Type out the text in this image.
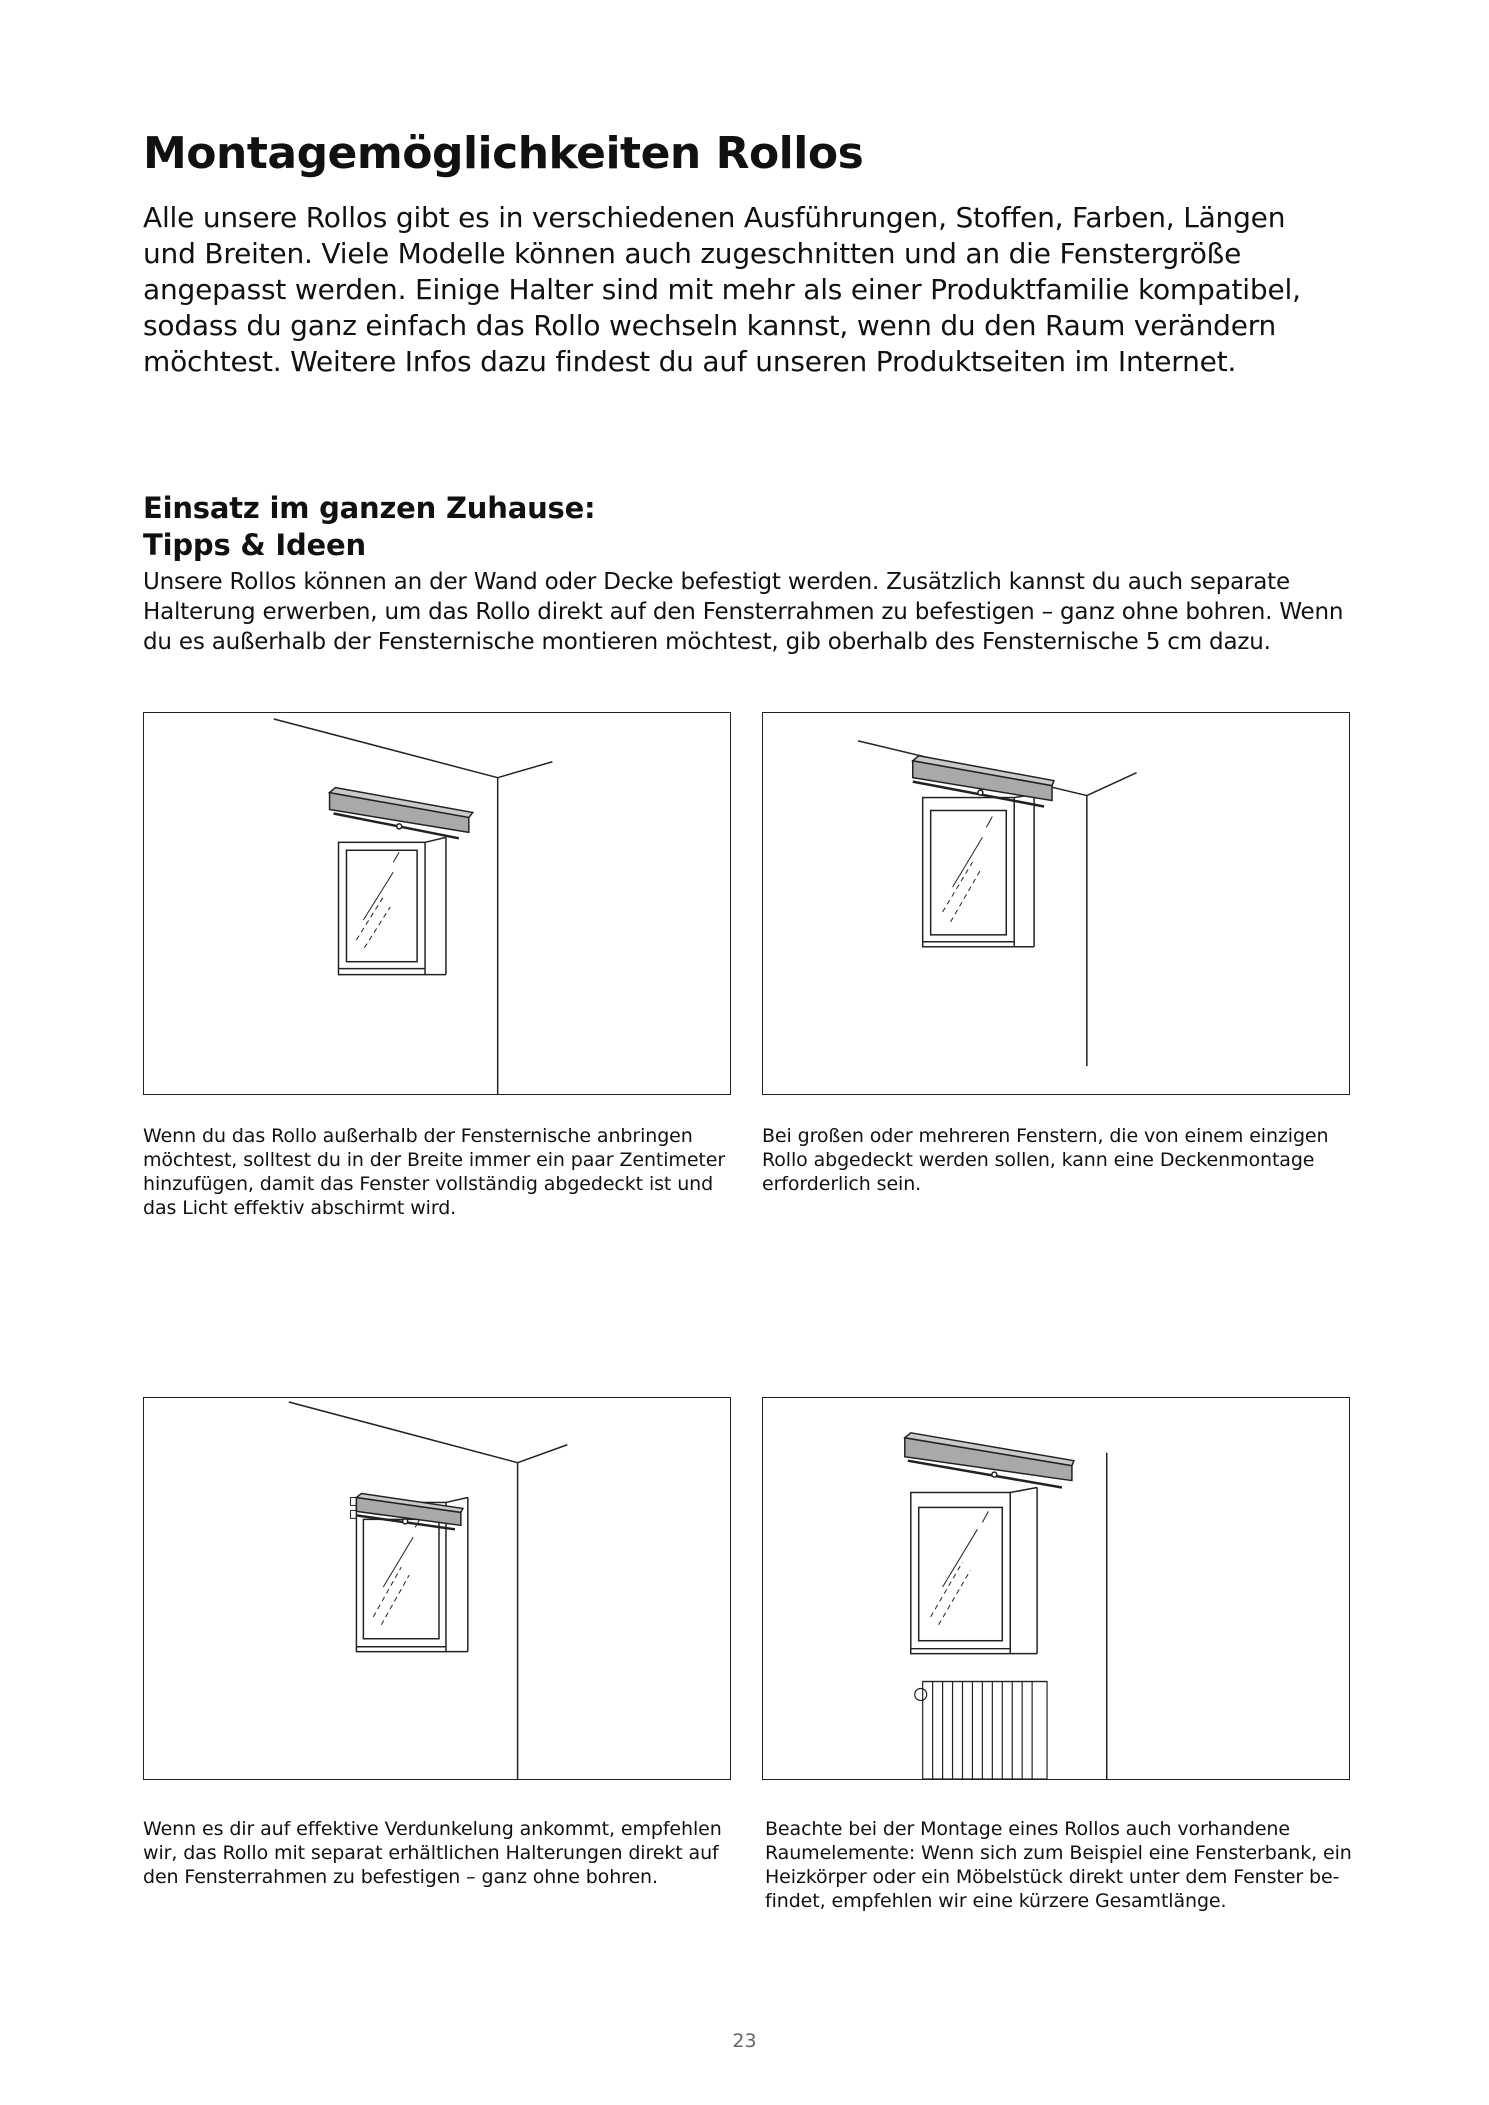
Montagemöglichkeiten Rollos

Alle unsere Rollos gibt es in verschiedenen Ausführungen, Stoffen, Farben, Längen
und Breiten. Viele Modelle können auch zugeschnitten und an die Fenstergröße
angepasst werden. Einige Halter sind mit mehr als einer Produktfamilie kompatibel,
sodass du ganz einfach das Rollo wechseln kannst, wenn du den Raum verändern
möchtest. Weitere Infos dazu findest du auf unseren Produktseiten im Internet.

Einsatz im ganzen Zuhause:
Tipps & Ideen

Unsere Rollos können an der Wand oder Decke befestigt werden. Zusätzlich kannst du auch separate
Halterung erwerben, um das Rollo direkt auf den Fensterrahmen zu befestigen – ganz ohne bohren. Wenn
du es außerhalb der Fensternische montieren möchtest, gib oberhalb des Fensternische 5 cm dazu.

Wenn du das Rollo außerhalb der Fensternische anbringen
möchtest, solltest du in der Breite immer ein paar Zentimeter
hinzufügen, damit das Fenster vollständig abgedeckt ist und
das Licht effektiv abschirmt wird.

Bei großen oder mehreren Fenstern, die von einem einzigen
Rollo abgedeckt werden sollen, kann eine Deckenmontage
erforderlich sein.

Wenn es dir auf effektive Verdunkelung ankommt, empfehlen
wir, das Rollo mit separat erhältlichen Halterungen direkt auf
den Fensterrahmen zu befestigen – ganz ohne bohren.

Beachte bei der Montage eines Rollos auch vorhandene
Raumelemente: Wenn sich zum Beispiel eine Fensterbank, ein
Heizkörper oder ein Möbelstück direkt unter dem Fenster be-
findet, empfehlen wir eine kürzere Gesamtlänge.

23
